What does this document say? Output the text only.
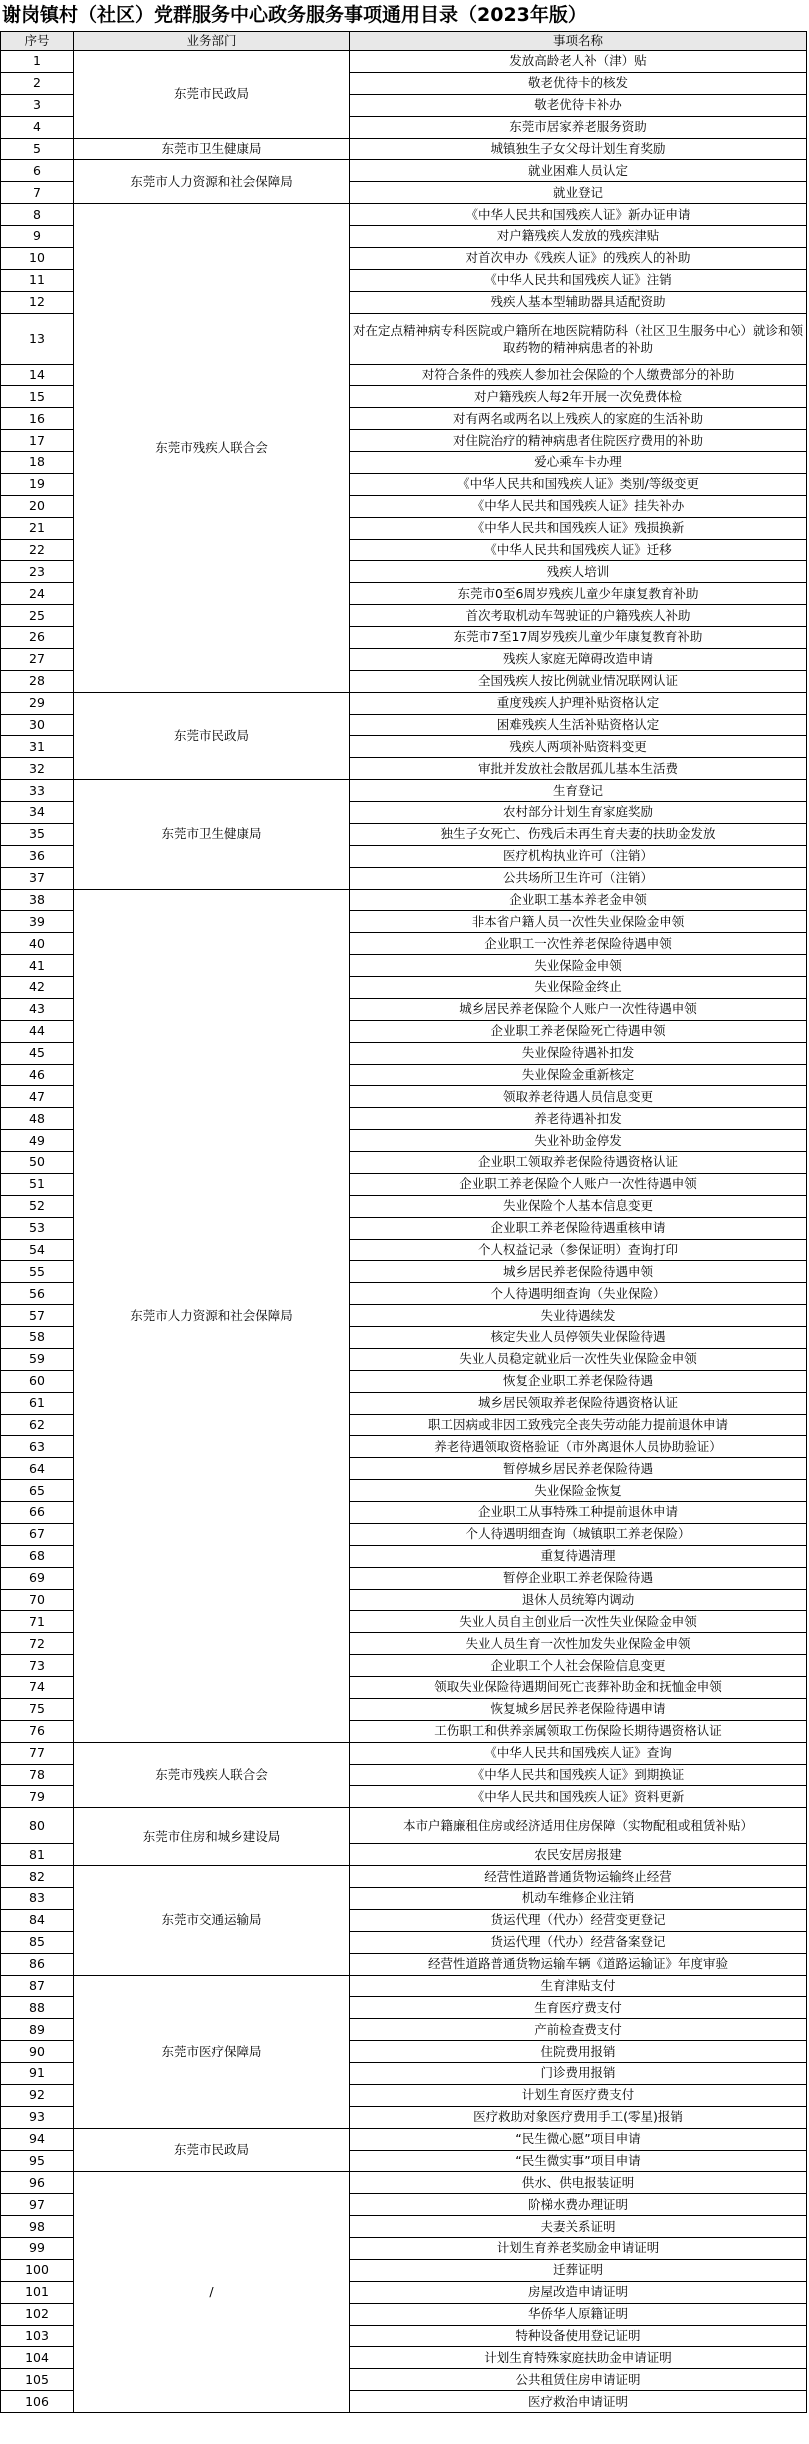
谢岗镇村（社区）党群服务中心政务服务事项通用目录（2023年版）
序号	业务部门	事项名称
1	东莞市民政局	发放高龄老人补（津）贴
2		敬老优待卡的核发
3		敬老优待卡补办
4		东莞市居家养老服务资助
5	东莞市卫生健康局	城镇独生子女父母计划生育奖励
6	东莞市人力资源和社会保障局	就业困难人员认定
7		就业登记
8	东莞市残疾人联合会	《中华人民共和国残疾人证》新办证申请
9		对户籍残疾人发放的残疾津贴
10		对首次申办《残疾人证》的残疾人的补助
11		《中华人民共和国残疾人证》注销
12		残疾人基本型辅助器具适配资助
13		对在定点精神病专科医院或户籍所在地医院精防科（社区卫生服务中心）就诊和领取药物的精神病患者的补助
14		对符合条件的残疾人参加社会保险的个人缴费部分的补助
15		对户籍残疾人每2年开展一次免费体检
16		对有两名或两名以上残疾人的家庭的生活补助
17		对住院治疗的精神病患者住院医疗费用的补助
18		爱心乘车卡办理
19		《中华人民共和国残疾人证》类别/等级变更
20		《中华人民共和国残疾人证》挂失补办
21		《中华人民共和国残疾人证》残损换新
22		《中华人民共和国残疾人证》迁移
23		残疾人培训
24		东莞市0至6周岁残疾儿童少年康复教育补助
25		首次考取机动车驾驶证的户籍残疾人补助
26		东莞市7至17周岁残疾儿童少年康复教育补助
27		残疾人家庭无障碍改造申请
28		全国残疾人按比例就业情况联网认证
29	东莞市民政局	重度残疾人护理补贴资格认定
30		困难残疾人生活补贴资格认定
31		残疾人两项补贴资料变更
32		审批并发放社会散居孤儿基本生活费
33	东莞市卫生健康局	生育登记
34		农村部分计划生育家庭奖励
35		独生子女死亡、伤残后未再生育夫妻的扶助金发放
36		医疗机构执业许可（注销）
37		公共场所卫生许可（注销）
38	东莞市人力资源和社会保障局	企业职工基本养老金申领
39		非本省户籍人员一次性失业保险金申领
40		企业职工一次性养老保险待遇申领
41		失业保险金申领
42		失业保险金终止
43		城乡居民养老保险个人账户一次性待遇申领
44		企业职工养老保险死亡待遇申领
45		失业保险待遇补扣发
46		失业保险金重新核定
47		领取养老待遇人员信息变更
48		养老待遇补扣发
49		失业补助金停发
50		企业职工领取养老保险待遇资格认证
51		企业职工养老保险个人账户一次性待遇申领
52		失业保险个人基本信息变更
53		企业职工养老保险待遇重核申请
54		个人权益记录（参保证明）查询打印
55		城乡居民养老保险待遇申领
56		个人待遇明细查询（失业保险）
57		失业待遇续发
58		核定失业人员停领失业保险待遇
59		失业人员稳定就业后一次性失业保险金申领
60		恢复企业职工养老保险待遇
61		城乡居民领取养老保险待遇资格认证
62		职工因病或非因工致残完全丧失劳动能力提前退休申请
63		养老待遇领取资格验证（市外离退休人员协助验证）
64		暂停城乡居民养老保险待遇
65		失业保险金恢复
66		企业职工从事特殊工种提前退休申请
67		个人待遇明细查询（城镇职工养老保险）
68		重复待遇清理
69		暂停企业职工养老保险待遇
70		退休人员统筹内调动
71		失业人员自主创业后一次性失业保险金申领
72		失业人员生育一次性加发失业保险金申领
73		企业职工个人社会保险信息变更
74		领取失业保险待遇期间死亡丧葬补助金和抚恤金申领
75		恢复城乡居民养老保险待遇申请
76		工伤职工和供养亲属领取工伤保险长期待遇资格认证
77	东莞市残疾人联合会	《中华人民共和国残疾人证》查询
78		《中华人民共和国残疾人证》到期换证
79		《中华人民共和国残疾人证》资料更新
80	东莞市住房和城乡建设局	本市户籍廉租住房或经济适用住房保障（实物配租或租赁补贴）
81		农民安居房报建
82	东莞市交通运输局	经营性道路普通货物运输终止经营
83		机动车维修企业注销
84		货运代理（代办）经营变更登记
85		货运代理（代办）经营备案登记
86		经营性道路普通货物运输车辆《道路运输证》年度审验
87	东莞市医疗保障局	生育津贴支付
88		生育医疗费支付
89		产前检查费支付
90		住院费用报销
91		门诊费用报销
92		计划生育医疗费支付
93		医疗救助对象医疗费用手工(零星)报销
94	东莞市民政局	“民生微心愿”项目申请
95		“民生微实事”项目申请
96	/	供水、供电报装证明
97		阶梯水费办理证明
98		夫妻关系证明
99		计划生育养老奖励金申请证明
100		迁葬证明
101		房屋改造申请证明
102		华侨华人原籍证明
103		特种设备使用登记证明
104		计划生育特殊家庭扶助金申请证明
105		公共租赁住房申请证明
106		医疗救治申请证明
